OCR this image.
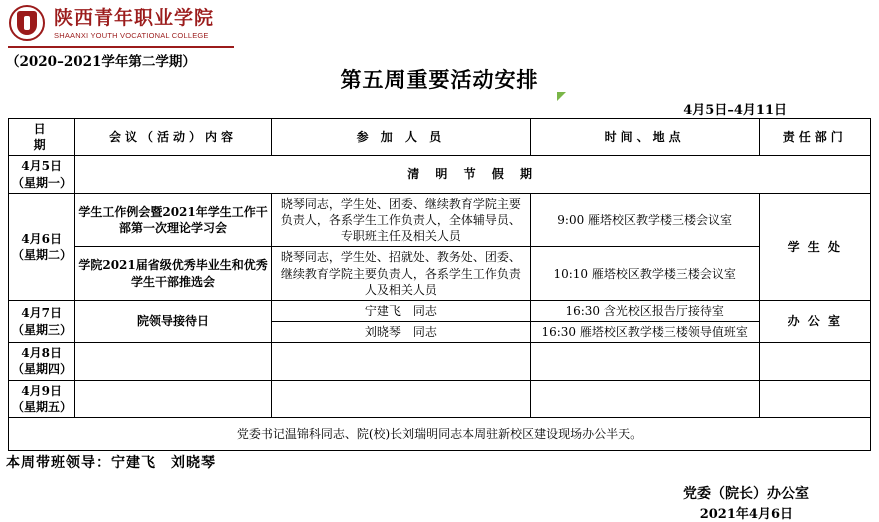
陕西青年职业学院
SHAANXI YOUTH VOCATIONAL COLLEGE
（2020–2021学年第二学期）
第五周重要活动安排
4月5日–4月11日
日　　期	会议（活动）内容	参 加 人 员	时间、地点	责任部门

4月5日
（星期一）	清 明 节 假 期			

4月6日
（星期二）	学生工作例会暨2021年学生工作干部第一次理论学习会	晓琴同志，学生处、团委、继续教育学院主要负责人，各系学生工作负责人，全体辅导员、专职班主任及相关人员	9:00 雁塔校区教学楼三楼会议室	学 生 处
	学院2021届省级优秀毕业生和优秀学生干部推选会	晓琴同志，学生处、招就处、教务处、团委、继续教育学院主要负责人，各系学生工作负责人及相关人员	10:10 雁塔校区教学楼三楼会议室	

4月7日
（星期三）	院领导接待日	宁建飞　同志	16:30 含光校区报告厅接待室	办 公 室
		刘晓琴　同志	16:30 雁塔校区教学楼三楼领导值班室	

4月8日
（星期四）				

4月9日
（星期五）				

党委书记温锦科同志、院(校)长刘瑞明同志本周驻新校区建设现场办公半天。				
本周带班领导：宁建飞　刘晓琴
党委（院长）办公室
2021年4月6日
